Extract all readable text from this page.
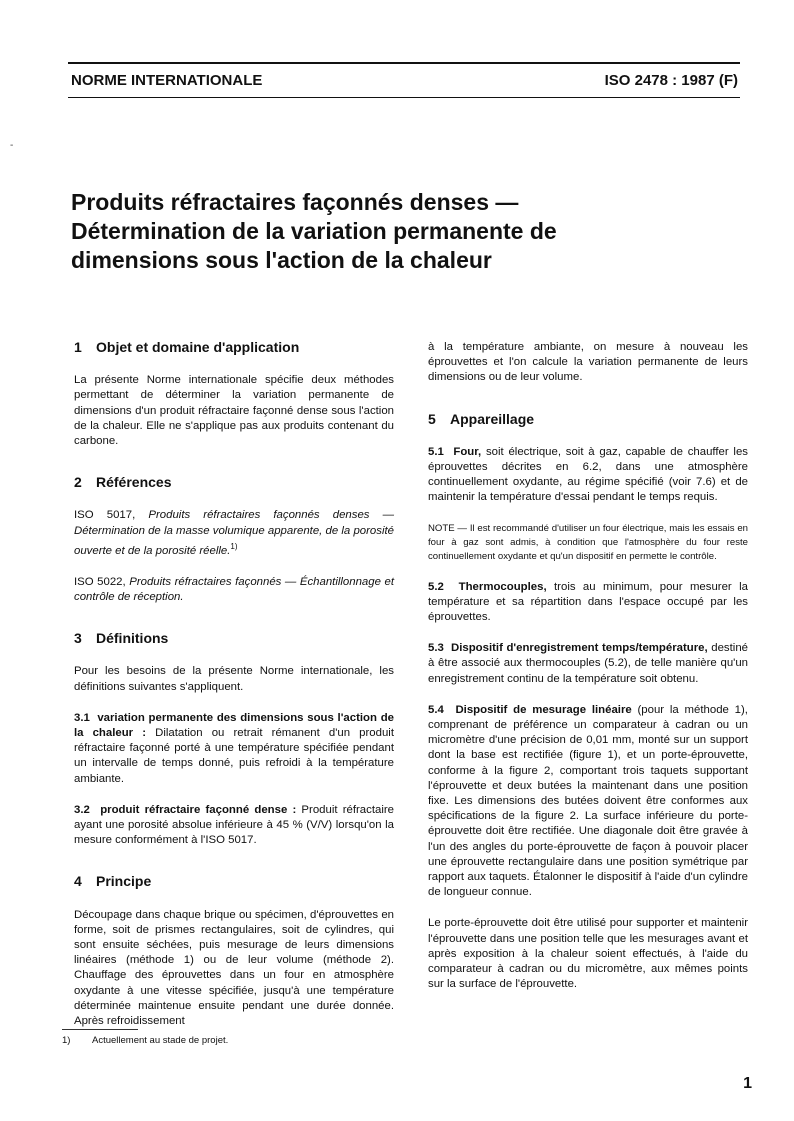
NORME INTERNATIONALE	ISO 2478 : 1987 (F)
-
Produits réfractaires façonnés denses —
Détermination de la variation permanente de
dimensions sous l'action de la chaleur
1 Objet et domaine d'application

La présente Norme internationale spécifie deux méthodes permettant de déterminer la variation permanente de dimensions d'un produit réfractaire façonné dense sous l'action de la chaleur. Elle ne s'applique pas aux produits contenant du carbone.

2 Références

ISO 5017, Produits réfractaires façonnés denses — Détermination de la masse volumique apparente, de la porosité ouverte et de la porosité réelle.$^{1)}$

ISO 5022, Produits réfractaires façonnés — Échantillonnage et contrôle de réception.

3 Définitions

Pour les besoins de la présente Norme internationale, les définitions suivantes s'appliquent.

3.1 variation permanente des dimensions sous l'action de la chaleur : Dilatation ou retrait rémanent d'un produit réfractaire façonné porté à une température spécifiée pendant un intervalle de temps donné, puis refroidi à la température ambiante.

3.2 produit réfractaire façonné dense : Produit réfractaire ayant une porosité absolue inférieure à 45 % (V/V) lorsqu'on la mesure conformément à l'ISO 5017.

4 Principe

Découpage dans chaque brique ou spécimen, d'éprouvettes en forme, soit de prismes rectangulaires, soit de cylindres, qui sont ensuite séchées, puis mesurage de leurs dimensions linéaires (méthode 1) ou de leur volume (méthode 2). Chauffage des éprouvettes dans un four en atmosphère oxydante à une vitesse spécifiée, jusqu'à une température déterminée maintenue ensuite pendant une durée donnée. Après refroidissement

à la température ambiante, on mesure à nouveau les éprouvettes et l'on calcule la variation permanente de leurs dimensions ou de leur volume.

5 Appareillage

5.1 Four, soit électrique, soit à gaz, capable de chauffer les éprouvettes décrites en 6.2, dans une atmosphère continuellement oxydante, au régime spécifié (voir 7.6) et de maintenir la température d'essai pendant le temps requis.

NOTE — Il est recommandé d'utiliser un four électrique, mais les essais en four à gaz sont admis, à condition que l'atmosphère du four reste continuellement oxydante et qu'un dispositif en permette le contrôle.

5.2 Thermocouples, trois au minimum, pour mesurer la température et sa répartition dans l'espace occupé par les éprouvettes.

5.3 Dispositif d'enregistrement temps/température, destiné à être associé aux thermocouples (5.2), de telle manière qu'un enregistrement continu de la température soit obtenu.

5.4 Dispositif de mesurage linéaire (pour la méthode 1), comprenant de préférence un comparateur à cadran ou un micromètre d'une précision de 0,01 mm, monté sur un support dont la base est rectifiée (figure 1), et un porte-éprouvette, conforme à la figure 2, comportant trois taquets supportant l'éprouvette et deux butées la maintenant dans une position fixe. Les dimensions des butées doivent être conformes aux spécifications de la figure 2. La surface inférieure du porte-éprouvette doit être rectifiée. Une diagonale doit être gravée à l'un des angles du porte-éprouvette de façon à pouvoir placer une éprouvette rectangulaire dans une position symétrique par rapport aux taquets. Étalonner le dispositif à l'aide d'un cylindre de longueur connue.

Le porte-éprouvette doit être utilisé pour supporter et maintenir l'éprouvette dans une position telle que les mesurages avant et après exposition à la chaleur soient effectués, à l'aide du comparateur à cadran ou du micromètre, aux mêmes points sur la surface de l'éprouvette.

1) Actuellement au stade de projet.
1
